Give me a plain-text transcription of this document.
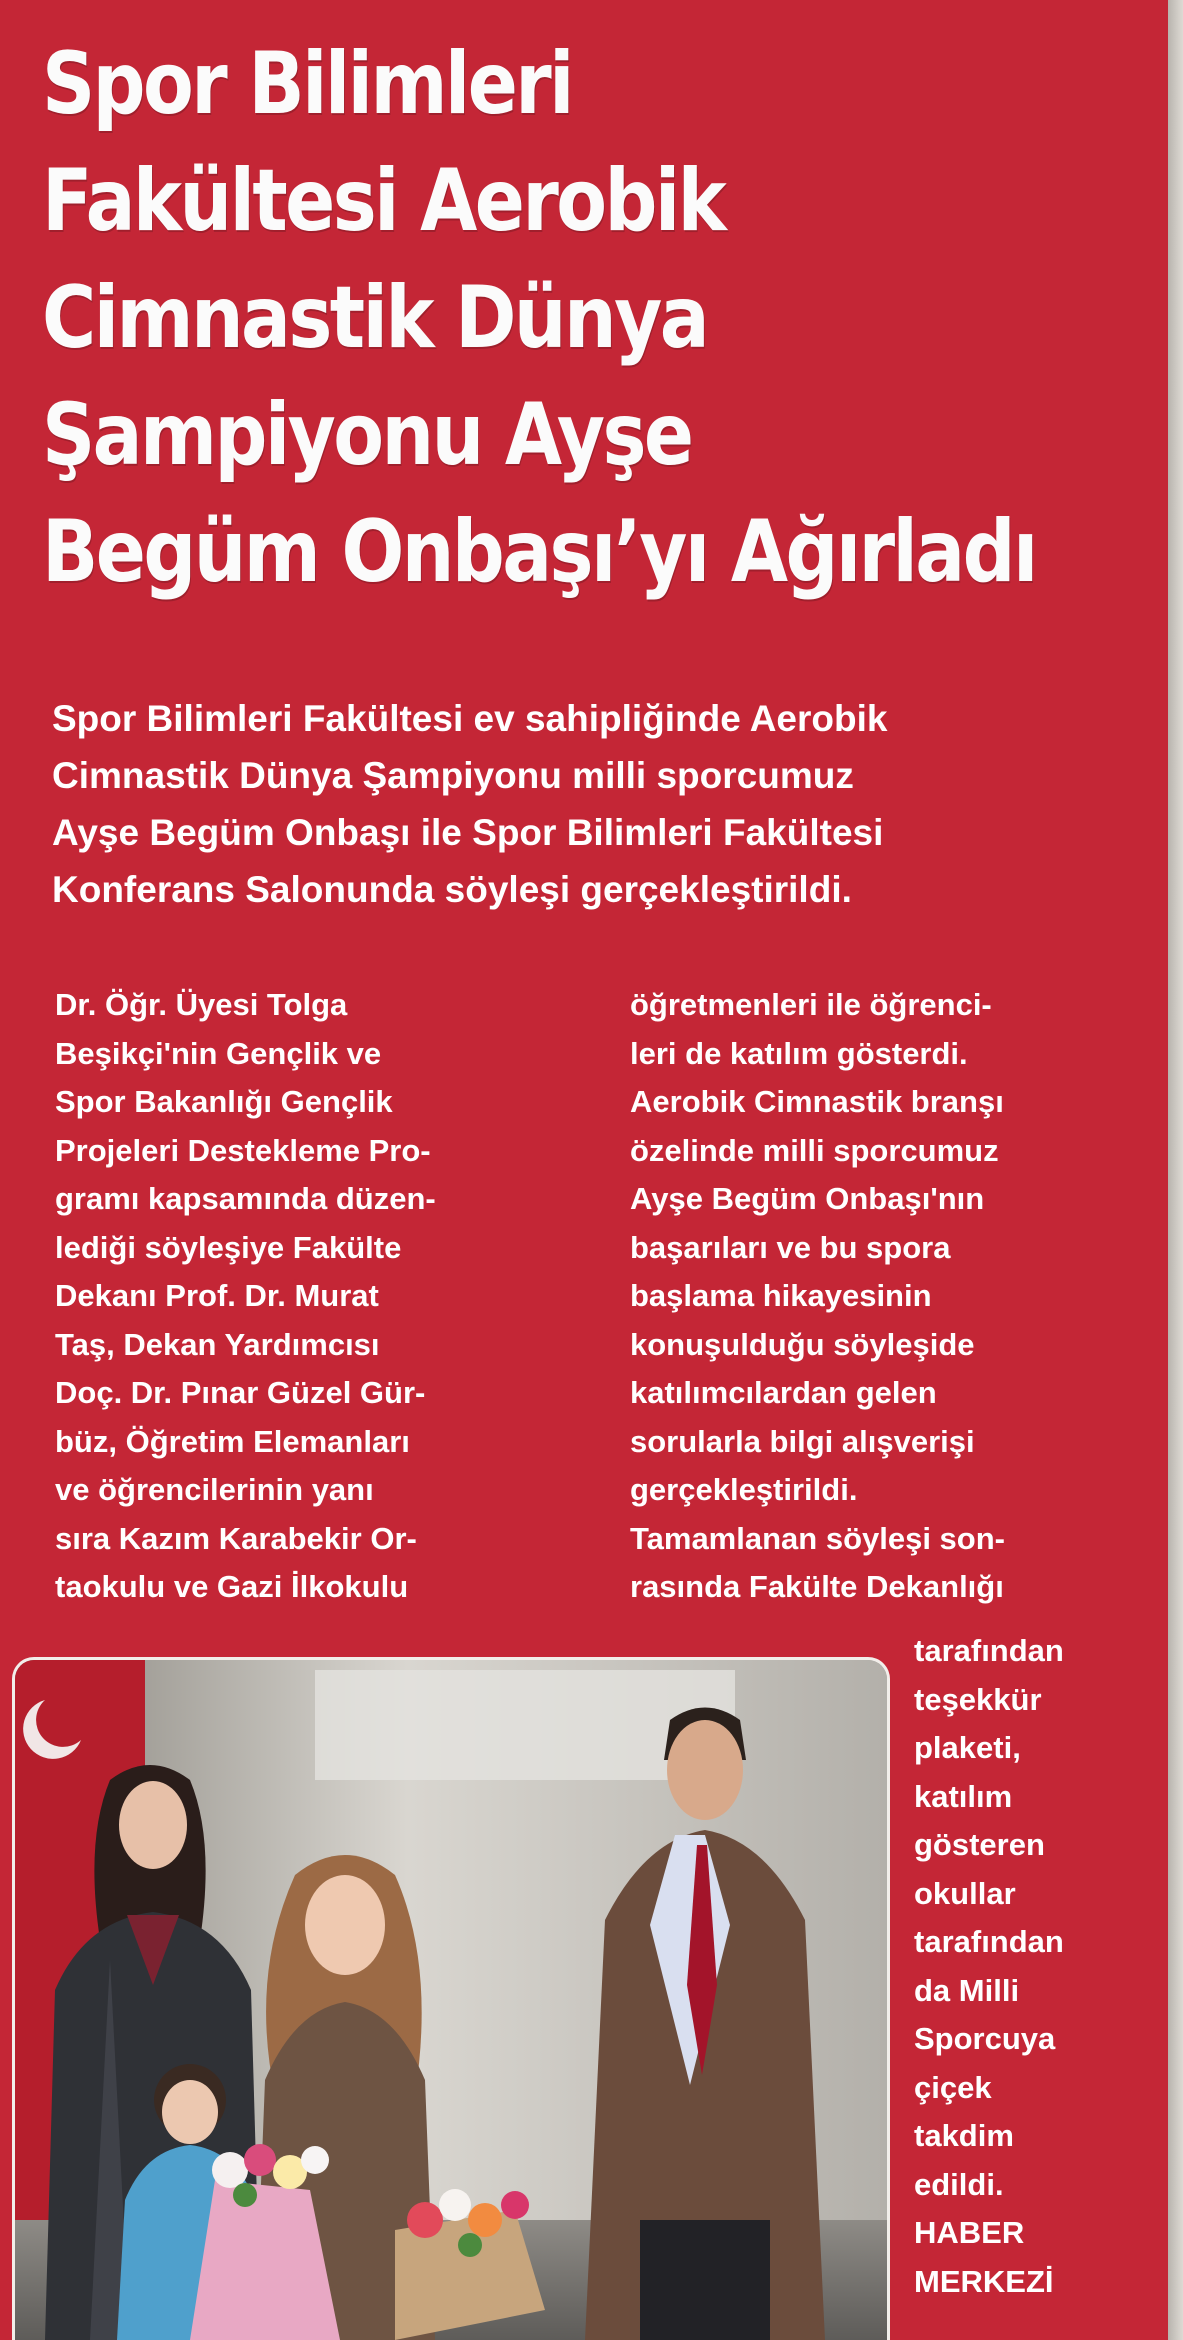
Spor Bilimleri
Fakültesi Aerobik
Cimnastik Dünya
Şampiyonu Ayşe
Begüm Onbaşı’yı Ağırladı

Spor Bilimleri Fakültesi ev sahipliğinde Aerobik
Cimnastik Dünya Şampiyonu milli sporcumuz
Ayşe Begüm Onbaşı ile Spor Bilimleri Fakültesi
Konferans Salonunda söyleşi gerçekleştirildi.

Dr. Öğr. Üyesi Tolga
Beşikçi'nin Gençlik ve
Spor Bakanlığı Gençlik
Projeleri Destekleme Pro-
gramı kapsamında düzen-
lediği söyleşiye Fakülte
Dekanı Prof. Dr. Murat
Taş, Dekan Yardımcısı
Doç. Dr. Pınar Güzel Gür-
büz, Öğretim Elemanları
ve öğrencilerinin yanı
sıra Kazım Karabekir Or-
taokulu ve Gazi İlkokulu

öğretmenleri ile öğrenci-
leri de katılım gösterdi.
Aerobik Cimnastik branşı
özelinde milli sporcumuz
Ayşe Begüm Onbaşı'nın
başarıları ve bu spora
başlama hikayesinin
konuşulduğu söyleşide
katılımcılardan gelen
sorularla bilgi alışverişi
gerçekleştirildi.
Tamamlanan söyleşi son-
rasında Fakülte Dekanlığı

tarafından
teşekkür
plaketi,
katılım
gösteren
okullar
tarafından
da Milli
Sporcuya
çiçek
takdim
edildi.
HABER
MERKEZİ
